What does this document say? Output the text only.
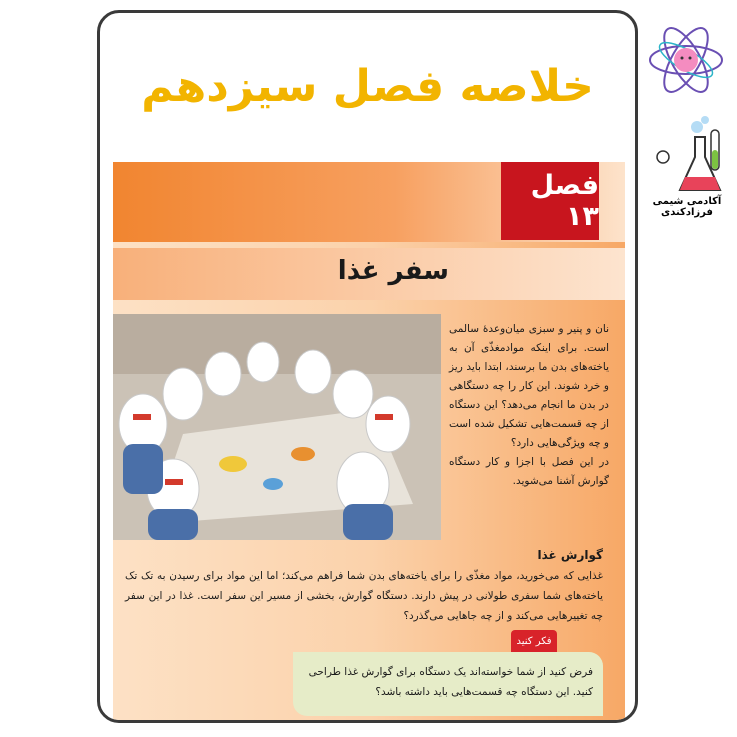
خلاصه فصل سیزدهم
فصل ۱۳
سفر غذا
نان و پنیر و سبزی میان‌وعدۀ سالمی است. برای اینکه موادمغذّی آن به یاخته‌های بدن ما برسند، ابتدا باید ریز و خرد شوند. این کار را چه دستگاهی در بدن ما انجام می‌دهد؟ این دستگاه از چه قسمت‌هایی تشکیل شده است و چه ویژگی‌هایی دارد؟
در این فصل با اجزا و کار دستگاه گوارش آشنا می‌شوید.
گوارش غذا
غذایی که می‌خورید، مواد مغذّی را برای یاخته‌های بدن شما فراهم می‌کند؛ اما این مواد برای رسیدن به تک تک یاخته‌های شما سفری طولانی در پیش دارند. دستگاه گوارش، بخشی از مسیر این سفر است. غذا در این سفر چه تغییرهایی می‌کند و از چه جاهایی می‌گذرد؟
فکر کنید
فرض کنید از شما خواسته‌اند یک دستگاه برای گوارش غذا طراحی کنید. این دستگاه چه قسمت‌هایی باید داشته باشد؟
آکادمی شیمی فرزادکندی
